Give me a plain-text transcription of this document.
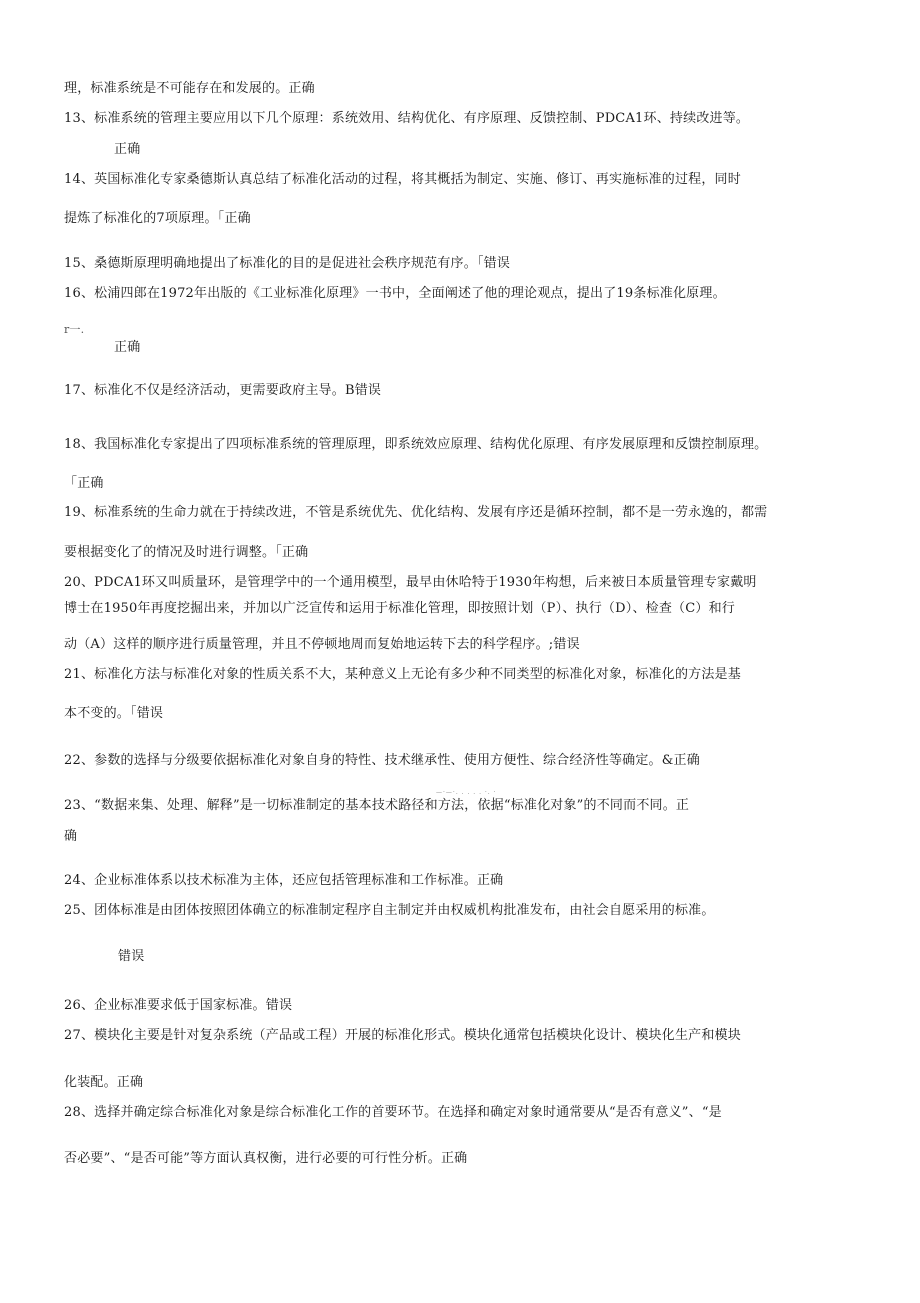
理，标准系统是不可能存在和发展的。正确
13、标准系统的管理主要应用以下几个原理：系统效用、结构优化、有序原理、反馈控制、PDCA1环、持续改进等。
正确
14、英国标准化专家桑德斯认真总结了标准化活动的过程，将其概括为制定、实施、修订、再实施标准的过程，同时
提炼了标准化的7项原理。「正确
15、桑德斯原理明确地提出了标准化的目的是促进社会秩序规范有序。「错误
16、松浦四郎在1972年出版的《工业标准化原理》一书中，全面阐述了他的理论观点，提出了19条标准化原理。
r一.
正确
17、标准化不仅是经济活动，更需要政府主导。B错误
18、我国标准化专家提出了四项标准系统的管理原理，即系统效应原理、结构优化原理、有序发展原理和反馈控制原理。
「正确
19、标准系统的生命力就在于持续改进，不管是系统优先、优化结构、发展有序还是循环控制，都不是一劳永逸的，都需
要根据变化了的情况及时进行调整。「正确
20、PDCA1环又叫质量环，是管理学中的一个通用模型，最早由休哈特于1930年构想，后来被日本质量管理专家戴明
博士在1950年再度挖掘出来，并加以广泛宣传和运用于标准化管理，即按照计划（P）、执行（D）、检查（C）和行
动（A）这样的顺序进行质量管理，并且不停顿地周而复始地运转下去的科学程序。;错误
21、标准化方法与标准化对象的性质关系不大，某种意义上无论有多少种不同类型的标准化对象，标准化的方法是基
本不变的。「错误
22、参数的选择与分级要依据标准化对象自身的特性、技术继承性、使用方便性、综合经济性等确定。&正确
—·—·. . . . . ·. ·
23、“数据来集、处理、解释”是一切标准制定的基本技术路径和方法，依据“标准化对象”的不同而不同。正
确
24、企业标准体系以技术标准为主体，还应包括管理标准和工作标准。正确
25、团体标准是由团体按照团体确立的标准制定程序自主制定并由权威机构批准发布，由社会自愿采用的标准。
错误
26、企业标准要求低于国家标准。错误
27、模块化主要是针对复杂系统（产品或工程）开展的标准化形式。模块化通常包括模块化设计、模块化生产和模块
化装配。正确
28、选择并确定综合标准化对象是综合标准化工作的首要环节。在选择和确定对象时通常要从“是否有意义”、“是
否必要”、“是否可能”等方面认真权衡，进行必要的可行性分析。正确
